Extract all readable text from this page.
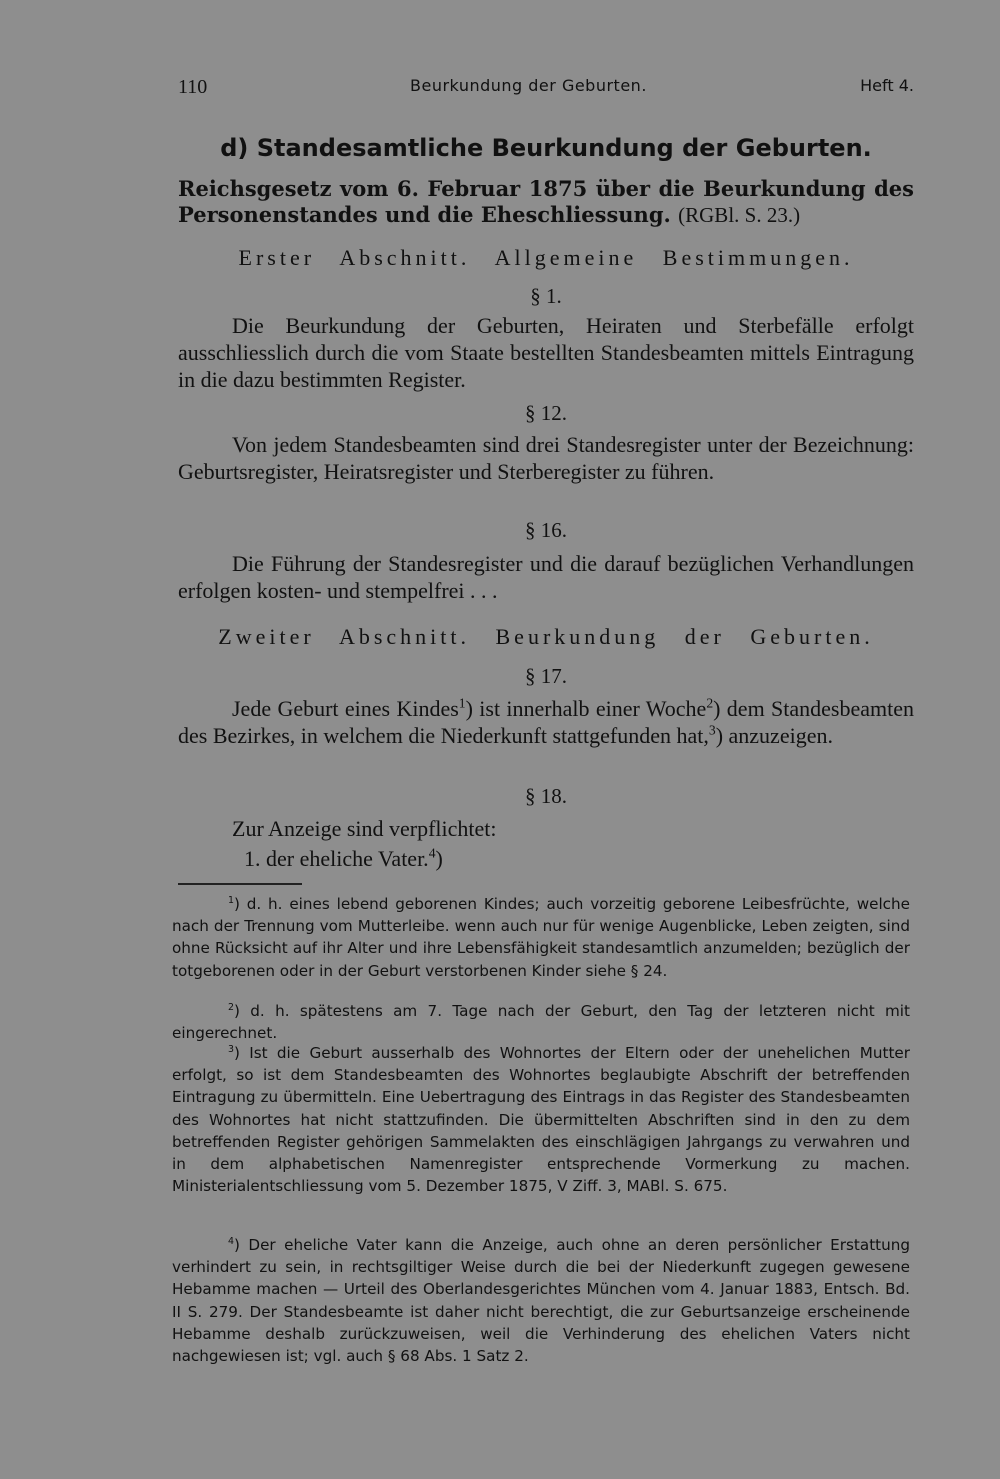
110	Beurkundung der Geburten.	Heft 4.
d) Standesamtliche Beurkundung der Geburten.
Reichsgesetz vom 6. Februar 1875 über die Beurkundung des Personenstandes und die Eheschliessung. (RGBl. S. 23.)
Erster Abschnitt. Allgemeine Bestimmungen.
§ 1.
Die Beurkundung der Geburten, Heiraten und Sterbefälle erfolgt ausschliesslich durch die vom Staate bestellten Standesbeamten mittels Eintragung in die dazu bestimmten Register.
§ 12.
Von jedem Standesbeamten sind drei Standesregister unter der Bezeichnung: Geburtsregister, Heiratsregister und Sterberegister zu führen.
§ 16.
Die Führung der Standesregister und die darauf bezüglichen Verhandlungen erfolgen kosten- und stempelfrei . . .
Zweiter Abschnitt. Beurkundung der Geburten.
§ 17.
Jede Geburt eines Kindes$^1$) ist innerhalb einer Woche$^2$) dem Standesbeamten des Bezirkes, in welchem die Niederkunft stattgefunden hat,$^3$) anzuzeigen.
§ 18.
Zur Anzeige sind verpflichtet:
1. der eheliche Vater.$^4$)
$^1$) d. h. eines lebend geborenen Kindes; auch vorzeitig geborene Leibesfrüchte, welche nach der Trennung vom Mutterleibe. wenn auch nur für wenige Augenblicke, Leben zeigten, sind ohne Rücksicht auf ihr Alter und ihre Lebensfähigkeit standesamtlich anzumelden; bezüglich der totgeborenen oder in der Geburt verstorbenen Kinder siehe § 24.
$^2$) d. h. spätestens am 7. Tage nach der Geburt, den Tag der letzteren nicht mit eingerechnet.
$^3$) Ist die Geburt ausserhalb des Wohnortes der Eltern oder der unehelichen Mutter erfolgt, so ist dem Standesbeamten des Wohnortes beglaubigte Abschrift der betreffenden Eintragung zu übermitteln. Eine Uebertragung des Eintrags in das Register des Standesbeamten des Wohnortes hat nicht stattzufinden. Die übermittelten Abschriften sind in den zu dem betreffenden Register gehörigen Sammelakten des einschlägigen Jahrgangs zu verwahren und in dem alphabetischen Namenregister entsprechende Vormerkung zu machen. Ministerialentschliessung vom 5. Dezember 1875, V Ziff. 3, MABl. S. 675.
$^4$) Der eheliche Vater kann die Anzeige, auch ohne an deren persönlicher Erstattung verhindert zu sein, in rechtsgiltiger Weise durch die bei der Niederkunft zugegen gewesene Hebamme machen — Urteil des Oberlandesgerichtes München vom 4. Januar 1883, Entsch. Bd. II S. 279. Der Standesbeamte ist daher nicht berechtigt, die zur Geburtsanzeige erscheinende Hebamme deshalb zurückzuweisen, weil die Verhinderung des ehelichen Vaters nicht nachgewiesen ist; vgl. auch § 68 Abs. 1 Satz 2.
